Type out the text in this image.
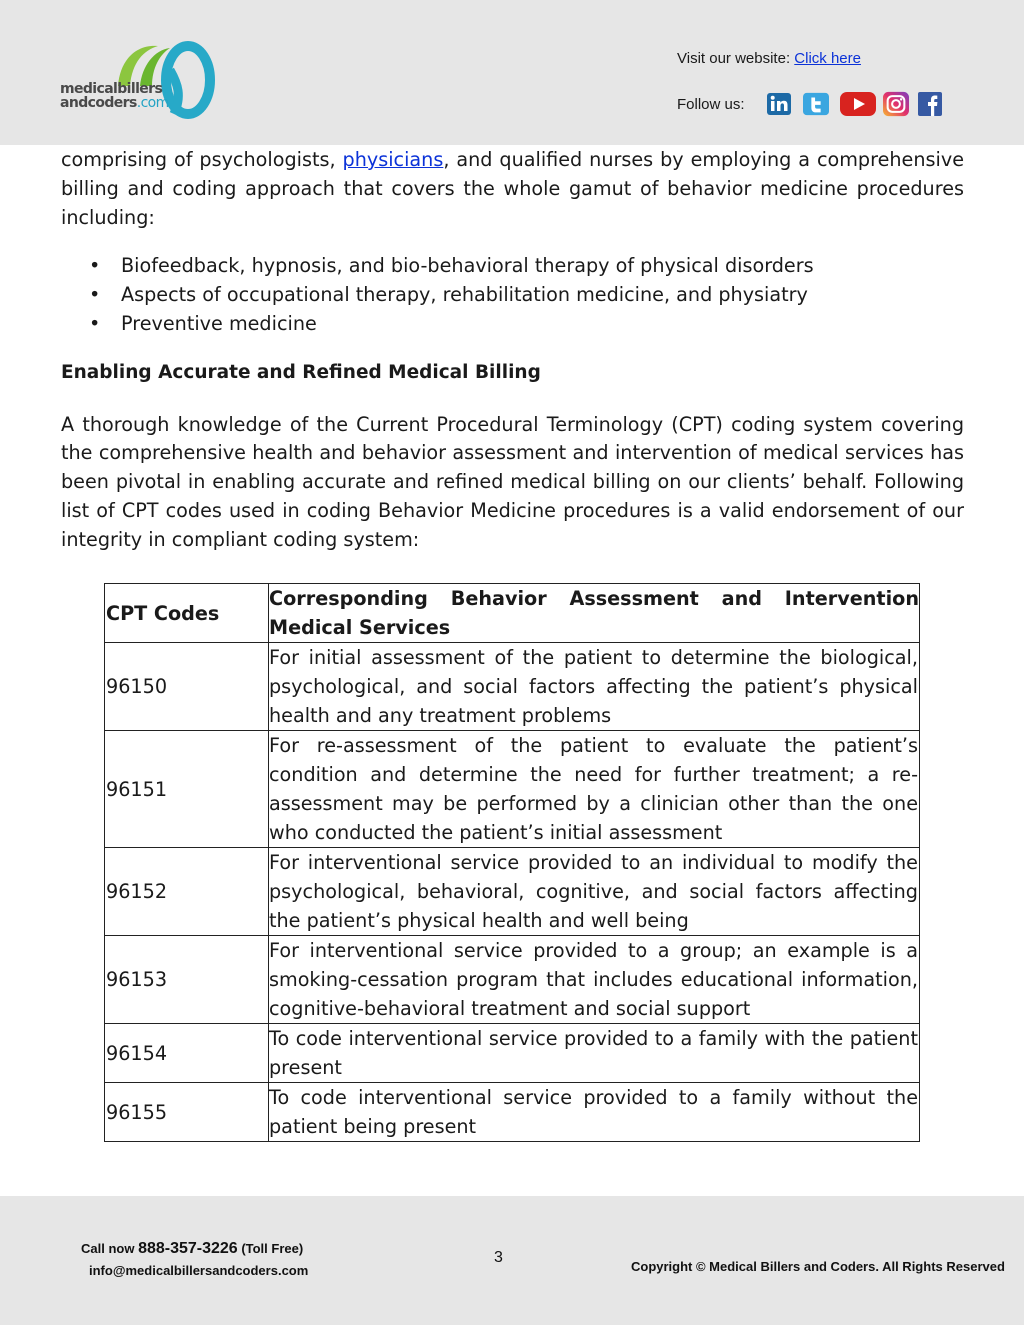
medicalbillers
andcoders.com
Visit our website: Click here
Follow us:

comprising of psychologists, physicians, and qualified nurses by employing a comprehensive billing and coding approach that covers the whole gamut of behavior medicine procedures including:

• Biofeedback, hypnosis, and bio-behavioral therapy of physical disorders
• Aspects of occupational therapy, rehabilitation medicine, and physiatry
• Preventive medicine

Enabling Accurate and Refined Medical Billing

A thorough knowledge of the Current Procedural Terminology (CPT) coding system covering the comprehensive health and behavior assessment and intervention of medical services has been pivotal in enabling accurate and refined medical billing on our clients’ behalf. Following list of CPT codes used in coding Behavior Medicine procedures is a valid endorsement of our integrity in compliant coding system:

CPT Codes	Corresponding Behavior Assessment and Intervention Medical Services
96150	For initial assessment of the patient to determine the biological, psychological, and social factors affecting the patient’s physical health and any treatment problems
96151	For re-assessment of the patient to evaluate the patient’s condition and determine the need for further treatment; a re-assessment may be performed by a clinician other than the one who conducted the patient’s initial assessment
96152	For interventional service provided to an individual to modify the psychological, behavioral, cognitive, and social factors affecting the patient’s physical health and well being
96153	For interventional service provided to a group; an example is a smoking-cessation program that includes educational information, cognitive-behavioral treatment and social support
96154	To code interventional service provided to a family with the patient present
96155	To code interventional service provided to a family without the patient being present
Call now 888-357-3226 (Toll Free)
info@medicalbillersandcoders.com
3
Copyright © Medical Billers and Coders. All Rights Reserved
